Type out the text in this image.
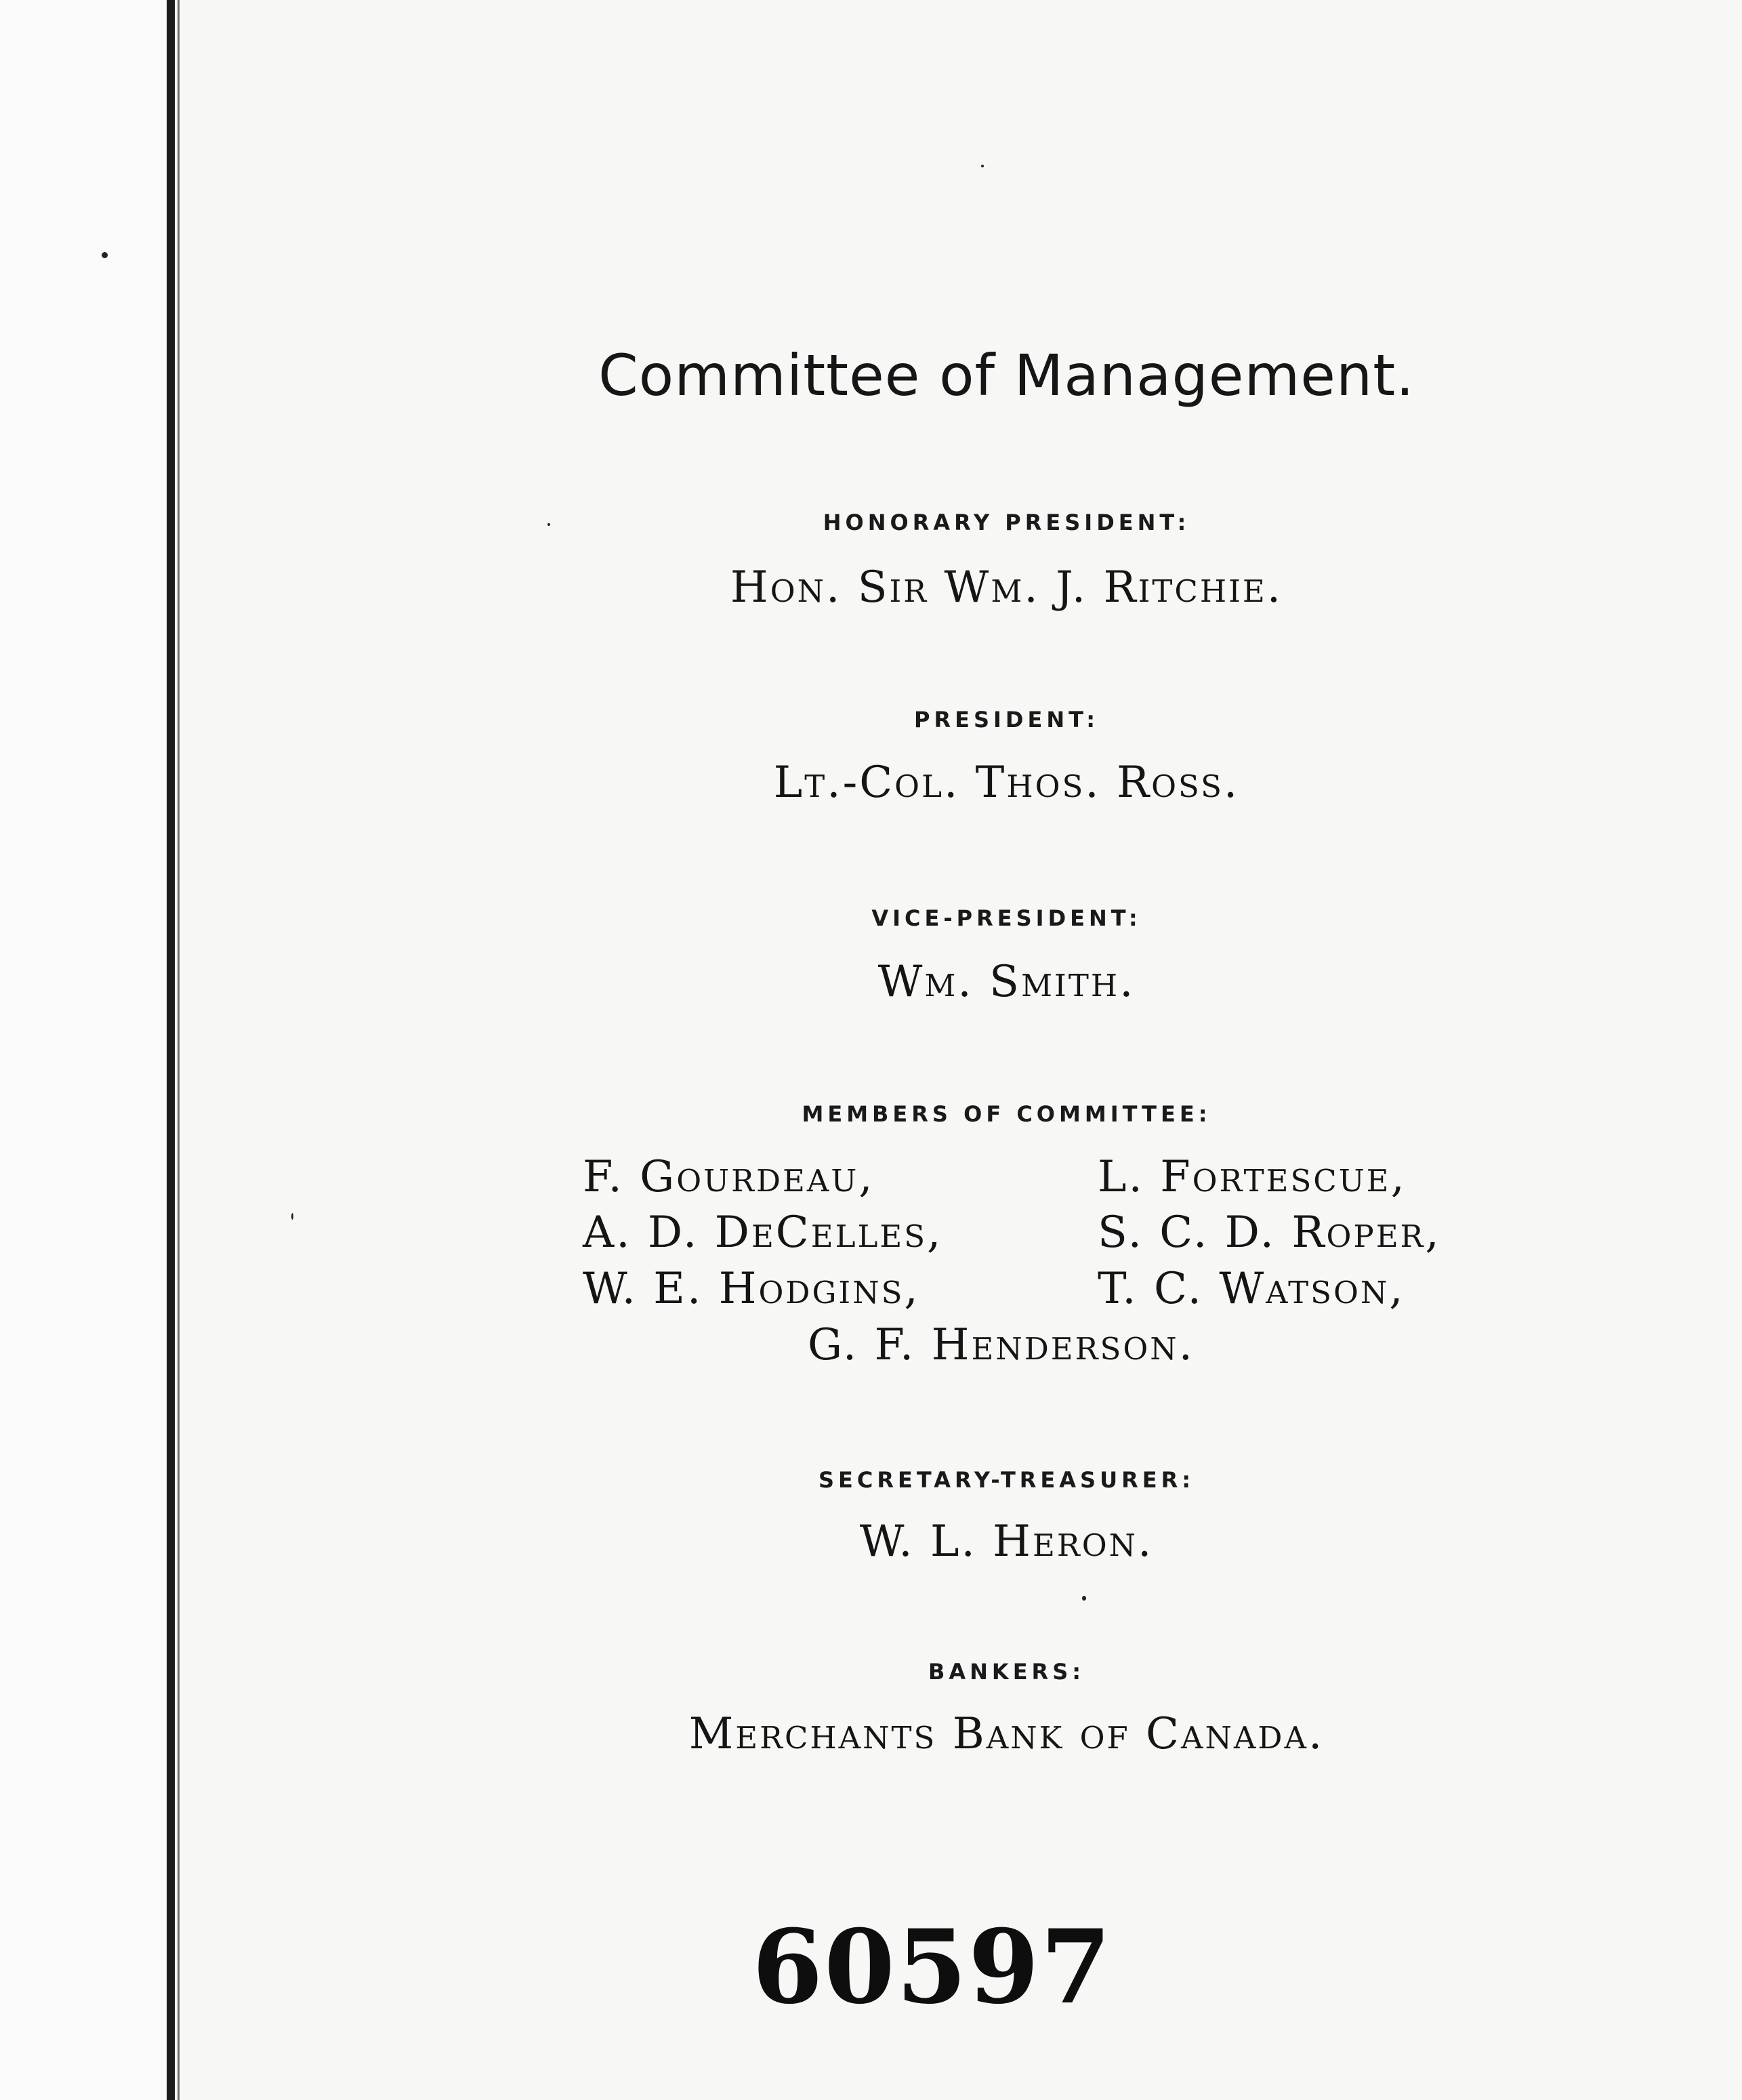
Committee of Management.
HONORARY PRESIDENT:
Hon. Sir Wm. J. Ritchie.
PRESIDENT:
Lt.-Col. Thos. Ross.
VICE-PRESIDENT:
Wm. Smith.
MEMBERS OF COMMITTEE:
F. Gourdeau,
A. D. DeCelles,
W. E. Hodgins,
L. Fortescue,
S. C. D. Roper,
T. C. Watson,
G. F. Henderson.
SECRETARY-TREASURER:
W. L. Heron.
BANKERS:
Merchants Bank of Canada.
60597
